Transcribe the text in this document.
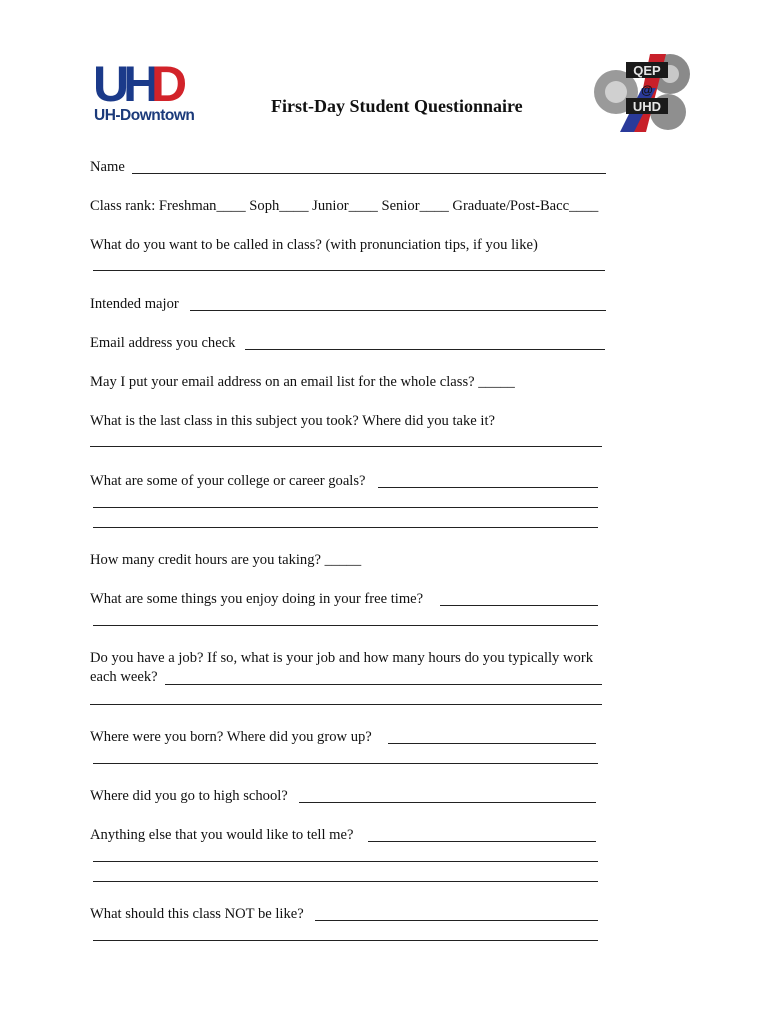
UH
D
UH-Downtown	First-Day Student Questionnaire
QEP
@
UHD
Name
Class rank: Freshman____ Soph____ Junior____ Senior____ Graduate/Post-Bacc____
What do you want to be called in class? (with pronunciation tips, if you like)
Intended major
Email address you check
May I put your email address on an email list for the whole class? _____
What is the last class in this subject you took? Where did you take it?
What are some of your college or career goals?
How many credit hours are you taking? _____
What are some things you enjoy doing in your free time?
Do you have a job? If so, what is your job and how many hours do you typically work
each week?
Where were you born? Where did you grow up?
Where did you go to high school?
Anything else that you would like to tell me?
What should this class NOT be like?
